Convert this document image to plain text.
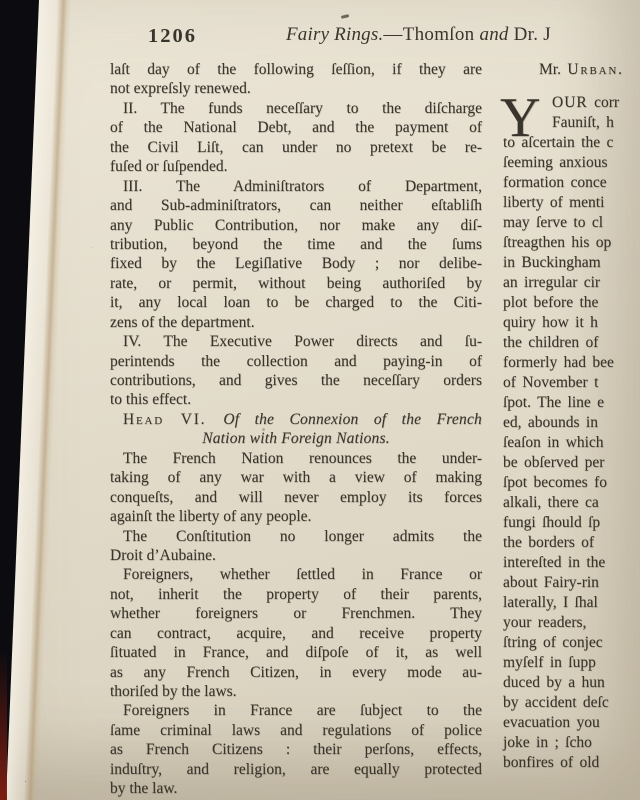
1206	Fairy Rings.—Thomſon and Dr. J
laſt day of the following ſeſſion, if they are
not expreſsly renewed.
II. The funds neceſſary to the diſcharge
of the National Debt, and the payment of
the Civil Liſt, can under no pretext be re-
fuſed or ſuſpended.
III. The Adminiſtrators of Department,
and Sub-adminiſtrators, can neither eſtabliſh
any Public Contribution, nor make any diſ-
tribution, beyond the time and the ſums
fixed by the Legiſlative Body ; nor delibe-
rate, or permit, without being authoriſed by
it, any local loan to be charged to the Citi-
zens of the department.
IV. The Executive Power directs and ſu-
perintends the collection and paying-in of
contributions, and gives the neceſſary orders
to this effect.
Head VI. Of the Connexion of the French
Nation with Foreign Nations.
The French Nation renounces the under-
taking of any war with a view of making
conqueſts, and will never employ its forces
againſt the liberty of any people.
The Conſtitution no longer admits the
Droit d’Aubaine.
Foreigners, whether ſettled in France or
not, inherit the property of their parents,
whether foreigners or Frenchmen. They
can contract, acquire, and receive property
ſituated in France, and diſpoſe of it, as well
as any French Citizen, in every mode au-
thoriſed by the laws.
Foreigners in France are ſubject to the
ſame criminal laws and regulations of police
as French Citizens : their perſons, effects,
induſtry, and religion, are equally protected
by the law.
Y
Mr. Urban.
OUR corr
Fauniſt, h
to aſcertain the c
ſeeming anxious
formation conce
liberty of menti
may ſerve to cl
ſtreagthen his op
in Buckingham
an irregular cir
plot before the
quiry how it h
the children of
formerly had bee
of November t
ſpot. The line e
ed, abounds in
ſeaſon in which
be obſerved per
ſpot becomes fo
alkali, there ca
fungi ſhould ſp
the borders of
intereſted in the
about Fairy-rin
laterally, I ſhal
your readers,
ſtring of conjec
myſelf in ſupp
duced by a hun
by accident deſc
evacuation you
joke in ; ſcho
bonfires of old
